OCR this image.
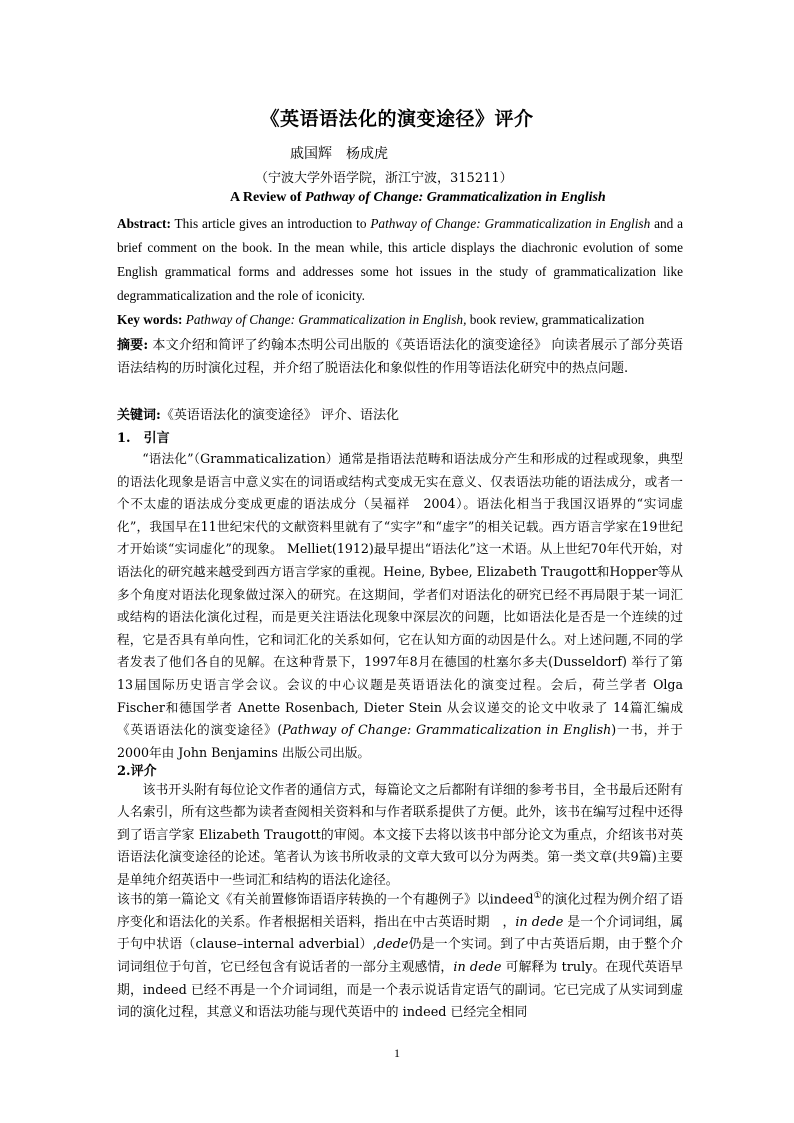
《英语语法化的演变途径》评介
戚国辉　杨成虎
（宁波大学外语学院，浙江宁波，315211）
A Review of Pathway of Change: Grammaticalization in English
Abstract: This article gives an introduction to Pathway of Change: Grammaticalization in English and a brief comment on the book. In the mean while, this article displays the diachronic evolution of some English grammatical forms and addresses some hot issues in the study of grammaticalization like degrammaticalization and the role of iconicity.
Key words: Pathway of Change: Grammaticalization in English, book review, grammaticalization
摘要: 本文介绍和简评了约翰本杰明公司出版的《英语语法化的演变途径》 向读者展示了部分英语语法结构的历时演化过程，并介绍了脱语法化和象似性的作用等语法化研究中的热点问题.
关键词:《英语语法化的演变途径》 评介、语法化
1.　引言
“语法化”（Grammaticalization）通常是指语法范畴和语法成分产生和形成的过程或现象，典型的语法化现象是语言中意义实在的词语或结构式变成无实在意义、仅表语法功能的语法成分，或者一个不太虚的语法成分变成更虚的语法成分（吴福祥　2004）。语法化相当于我国汉语界的“实词虚化”，我国早在11世纪宋代的文献资料里就有了“实字”和“虚字”的相关记载。西方语言学家在19世纪才开始谈“实词虚化”的现象。 Melliet(1912)最早提出“语法化”这一术语。从上世纪70年代开始，对语法化的研究越来越受到西方语言学家的重视。Heine, Bybee, Elizabeth Traugott和Hopper等从多个角度对语法化现象做过深入的研究。在这期间，学者们对语法化的研究已经不再局限于某一词汇或结构的语法化演化过程，而是更关注语法化现象中深层次的问题，比如语法化是否是一个连续的过程，它是否具有单向性，它和词汇化的关系如何，它在认知方面的动因是什么。对上述问题,不同的学者发表了他们各自的见解。在这种背景下，1997年8月在德国的杜塞尔多夫(Dusseldorf) 举行了第13届国际历史语言学会议。会议的中心议题是英语语法化的演变过程。会后，荷兰学者 Olga Fischer和德国学者 Anette Rosenbach, Dieter Stein 从会议递交的论文中收录了 14篇汇编成《英语语法化的演变途径》(Pathway of Change: Grammaticalization in English)一书，并于 2000年由 John Benjamins 出版公司出版。
2.评介
该书开头附有每位论文作者的通信方式，每篇论文之后都附有详细的参考书目，全书最后还附有人名索引，所有这些都为读者查阅相关资料和与作者联系提供了方便。此外，该书在编写过程中还得到了语言学家 Elizabeth Traugott的审阅。本文接下去将以该书中部分论文为重点，介绍该书对英语语法化演变途径的论述。笔者认为该书所收录的文章大致可以分为两类。第一类文章(共9篇)主要是单纯介绍英语中一些词汇和结构的语法化途径。
该书的第一篇论文《有关前置修饰语语序转换的一个有趣例子》以indeed①的演化过程为例介绍了语序变化和语法化的关系。作者根据相关语料，指出在中古英语时期　，in dede 是一个介词词组，属于句中状语（clause–internal adverbial）,dede仍是一个实词。到了中古英语后期，由于整个介词词组位于句首，它已经包含有说话者的一部分主观感情，in dede 可解释为 truly。在现代英语早期，indeed 已经不再是一个介词词组，而是一个表示说话肯定语气的副词。它已完成了从实词到虚词的演化过程，其意义和语法功能与现代英语中的 indeed 已经完全相同
1
